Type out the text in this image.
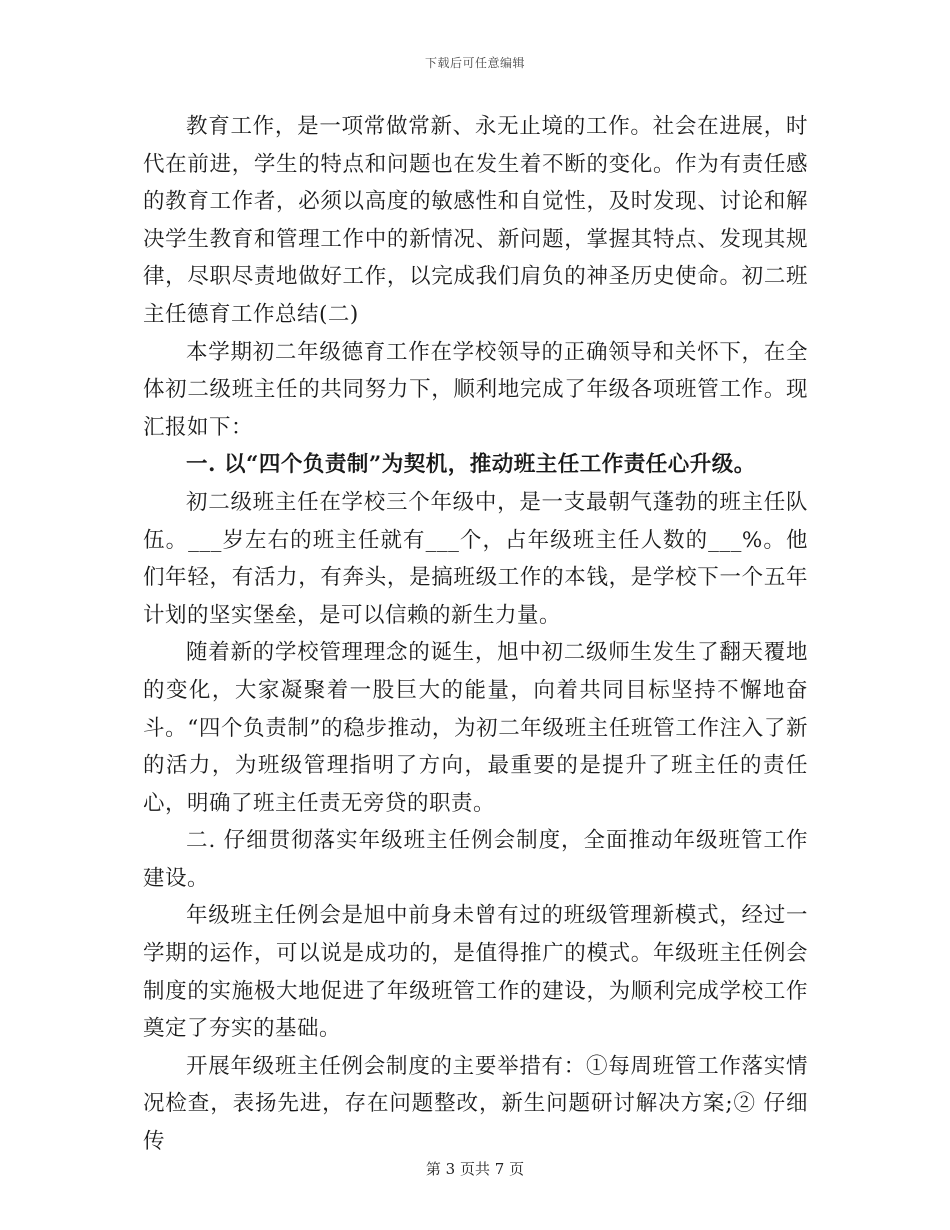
下载后可任意编辑

教育工作，是一项常做常新、永无止境的工作。社会在进展，时代在前进，学生的特点和问题也在发生着不断的变化。作为有责任感的教育工作者，必须以高度的敏感性和自觉性，及时发现、讨论和解决学生教育和管理工作中的新情况、新问题，掌握其特点、发现其规律，尽职尽责地做好工作，以完成我们肩负的神圣历史使命。初二班主任德育工作总结(二)

本学期初二年级德育工作在学校领导的正确领导和关怀下，在全体初二级班主任的共同努力下，顺利地完成了年级各项班管工作。现汇报如下：

一. 以“四个负责制”为契机，推动班主任工作责任心升级。

初二级班主任在学校三个年级中，是一支最朝气蓬勃的班主任队伍。___岁左右的班主任就有___个，占年级班主任人数的___%。他们年轻，有活力，有奔头，是搞班级工作的本钱，是学校下一个五年计划的坚实堡垒，是可以信赖的新生力量。

随着新的学校管理理念的诞生，旭中初二级师生发生了翻天覆地的变化，大家凝聚着一股巨大的能量，向着共同目标坚持不懈地奋斗。“四个负责制”的稳步推动，为初二年级班主任班管工作注入了新的活力，为班级管理指明了方向，最重要的是提升了班主任的责任心，明确了班主任责无旁贷的职责。

二. 仔细贯彻落实年级班主任例会制度，全面推动年级班管工作建设。

年级班主任例会是旭中前身未曾有过的班级管理新模式，经过一学期的运作，可以说是成功的，是值得推广的模式。年级班主任例会制度的实施极大地促进了年级班管工作的建设，为顺利完成学校工作奠定了夯实的基础。

开展年级班主任例会制度的主要举措有：①每周班管工作落实情况检查，表扬先进，存在问题整改，新生问题研讨解决方案;② 仔细传

第 3 页共 7 页
